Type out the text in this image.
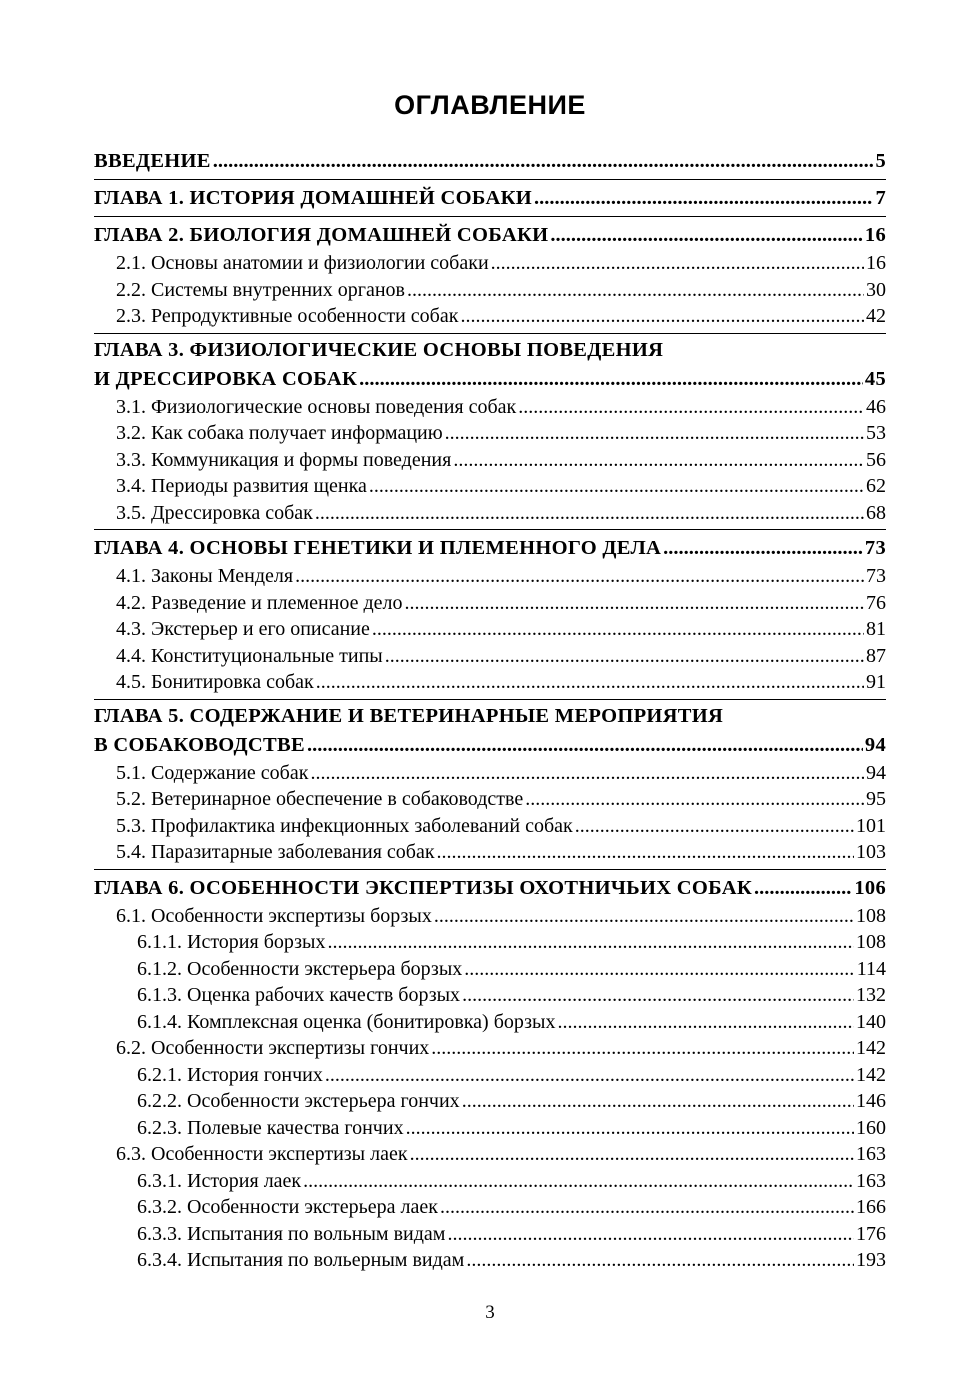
ОГЛАВЛЕНИЕ
ВВЕДЕНИЕ .....	5
ГЛАВА 1. ИСТОРИЯ ДОМАШНЕЙ СОБАКИ .....	7
ГЛАВА 2. БИОЛОГИЯ ДОМАШНЕЙ СОБАКИ .....	16
2.1. Основы анатомии и физиологии собаки .....	16
2.2. Системы внутренних органов .....	30
2.3. Репродуктивные особенности собак .....	42
ГЛАВА 3. ФИЗИОЛОГИЧЕСКИЕ ОСНОВЫ ПОВЕДЕНИЯ
И ДРЕССИРОВКА СОБАК .....	45
3.1. Физиологические основы поведения собак .....	46
3.2. Как собака получает информацию .....	53
3.3. Коммуникация и формы поведения .....	56
3.4. Периоды развития щенка .....	62
3.5. Дрессировка собак .....	68
ГЛАВА 4. ОСНОВЫ ГЕНЕТИКИ И ПЛЕМЕННОГО ДЕЛА .....	73
4.1. Законы Менделя .....	73
4.2. Разведение и племенное дело .....	76
4.3. Экстерьер и его описание .....	81
4.4. Конституциональные типы .....	87
4.5. Бонитировка собак .....	91
ГЛАВА 5. СОДЕРЖАНИЕ И ВЕТЕРИНАРНЫЕ МЕРОПРИЯТИЯ
В СОБАКОВОДСТВЕ .....	94
5.1. Содержание собак .....	94
5.2. Ветеринарное обеспечение в собаководстве .....	95
5.3. Профилактика инфекционных заболеваний собак .....	101
5.4. Паразитарные заболевания собак .....	103
ГЛАВА 6. ОСОБЕННОСТИ ЭКСПЕРТИЗЫ ОХОТНИЧЬИХ СОБАК .....	106
6.1. Особенности экспертизы борзых .....	108
6.1.1. История борзых .....	108
6.1.2. Особенности экстерьера борзых .....	114
6.1.3. Оценка рабочих качеств борзых .....	132
6.1.4. Комплексная оценка (бонитировка) борзых .....	140
6.2. Особенности экспертизы гончих .....	142
6.2.1. История гончих .....	142
6.2.2. Особенности экстерьера гончих .....	146
6.2.3. Полевые качества гончих .....	160
6.3. Особенности экспертизы лаек .....	163
6.3.1. История лаек .....	163
6.3.2. Особенности экстерьера лаек .....	166
6.3.3. Испытания по вольным видам .....	176
6.3.4. Испытания по вольерным видам .....	193
3
